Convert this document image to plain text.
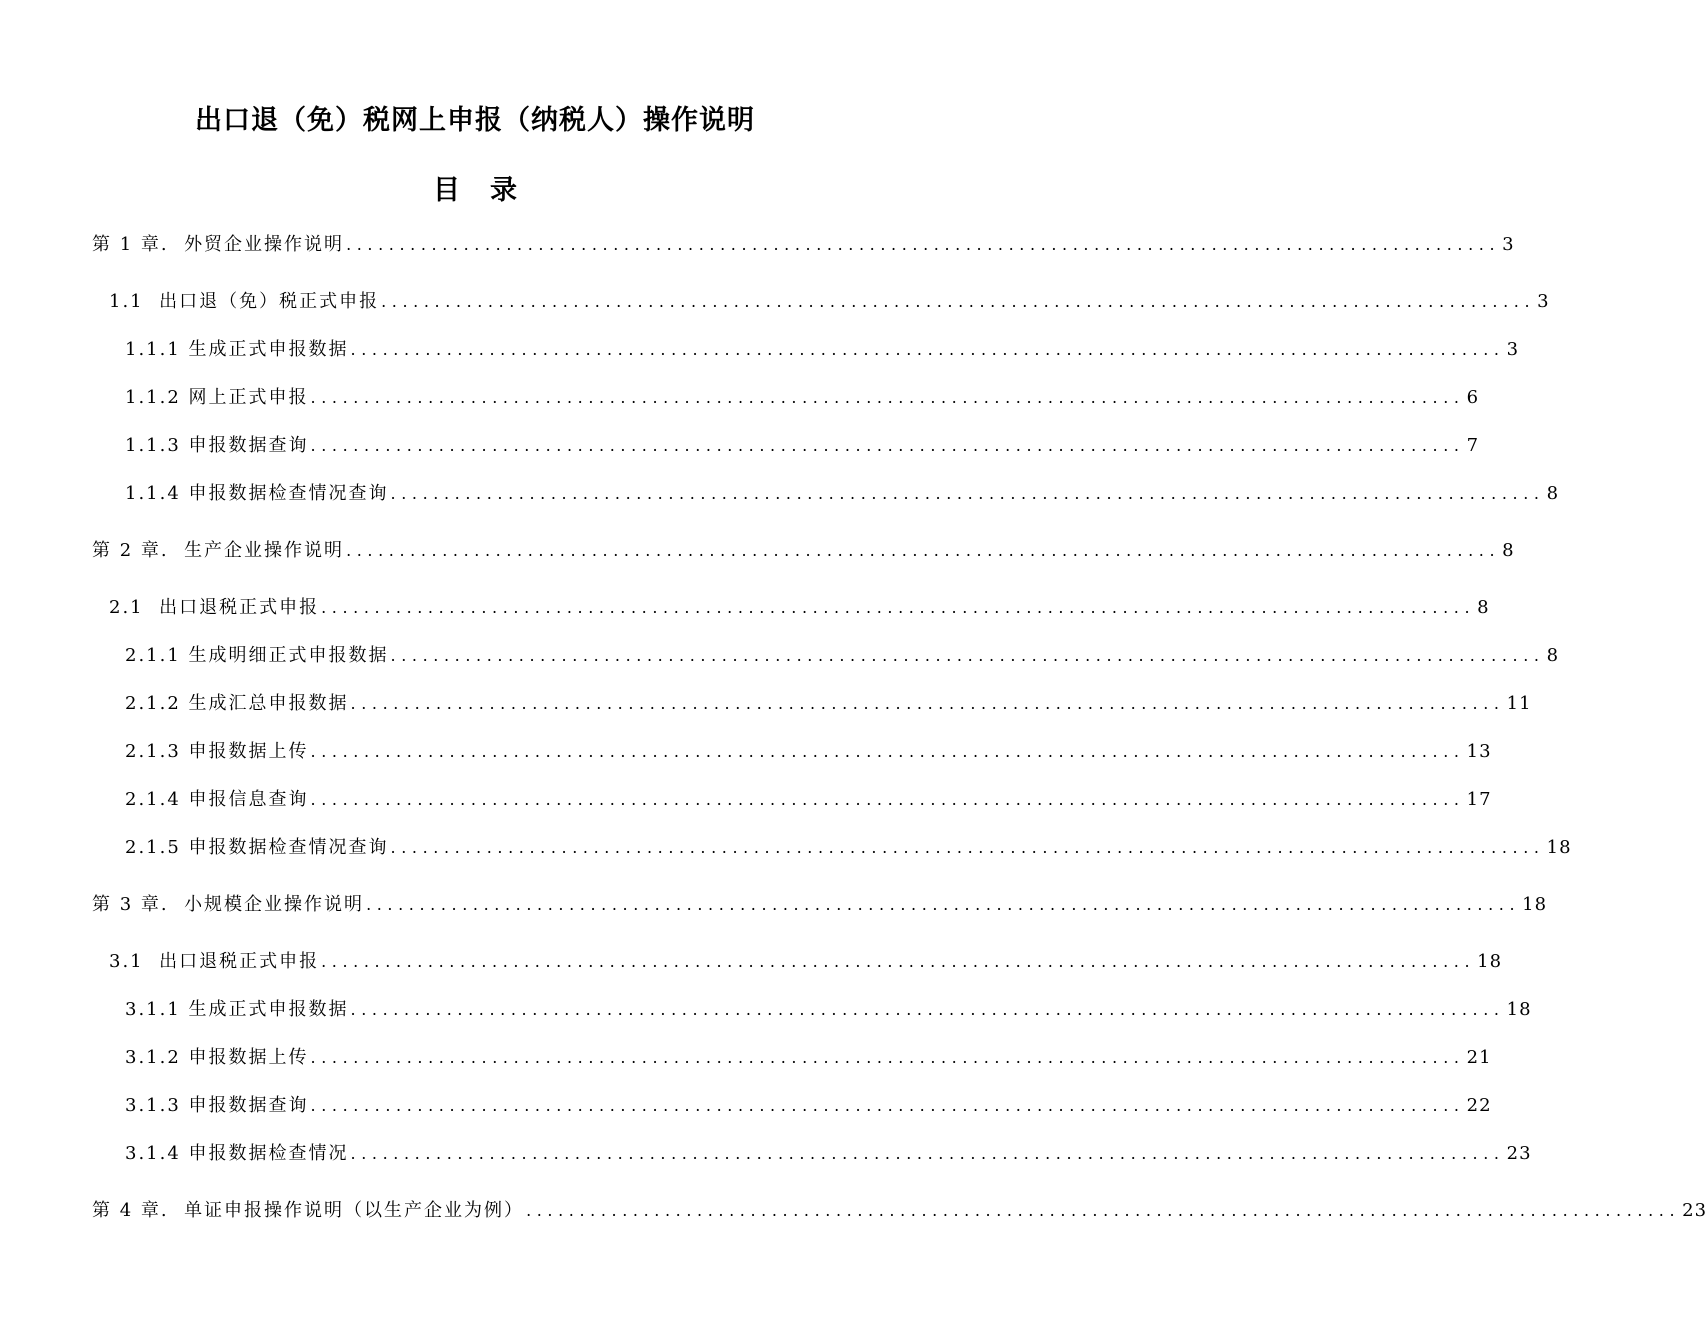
出口退（免）税网上申报（纳税人）操作说明
目录
第 1 章. 外贸企业操作说明 ............................................................................................................ 3
1.1 出口退（免）税正式申报 ............................................................................................................ 3
1.1.1 生成正式申报数据 ............................................................................................................ 3
1.1.2 网上正式申报 ............................................................................................................ 6
1.1.3 申报数据查询 ............................................................................................................ 7
1.1.4 申报数据检查情况查询 ............................................................................................................ 8
第 2 章. 生产企业操作说明 ............................................................................................................ 8
2.1 出口退税正式申报 ............................................................................................................ 8
2.1.1 生成明细正式申报数据 ............................................................................................................ 8
2.1.2 生成汇总申报数据 ............................................................................................................ 11
2.1.3 申报数据上传 ............................................................................................................ 13
2.1.4 申报信息查询 ............................................................................................................ 17
2.1.5 申报数据检查情况查询 ............................................................................................................ 18
第 3 章. 小规模企业操作说明 ............................................................................................................ 18
3.1 出口退税正式申报 ............................................................................................................ 18
3.1.1 生成正式申报数据 ............................................................................................................ 18
3.1.2 申报数据上传 ............................................................................................................ 21
3.1.3 申报数据查询 ............................................................................................................ 22
3.1.4 申报数据检查情况 ............................................................................................................ 23
第 4 章. 单证申报操作说明（以生产企业为例） ............................................................................................................ 23
